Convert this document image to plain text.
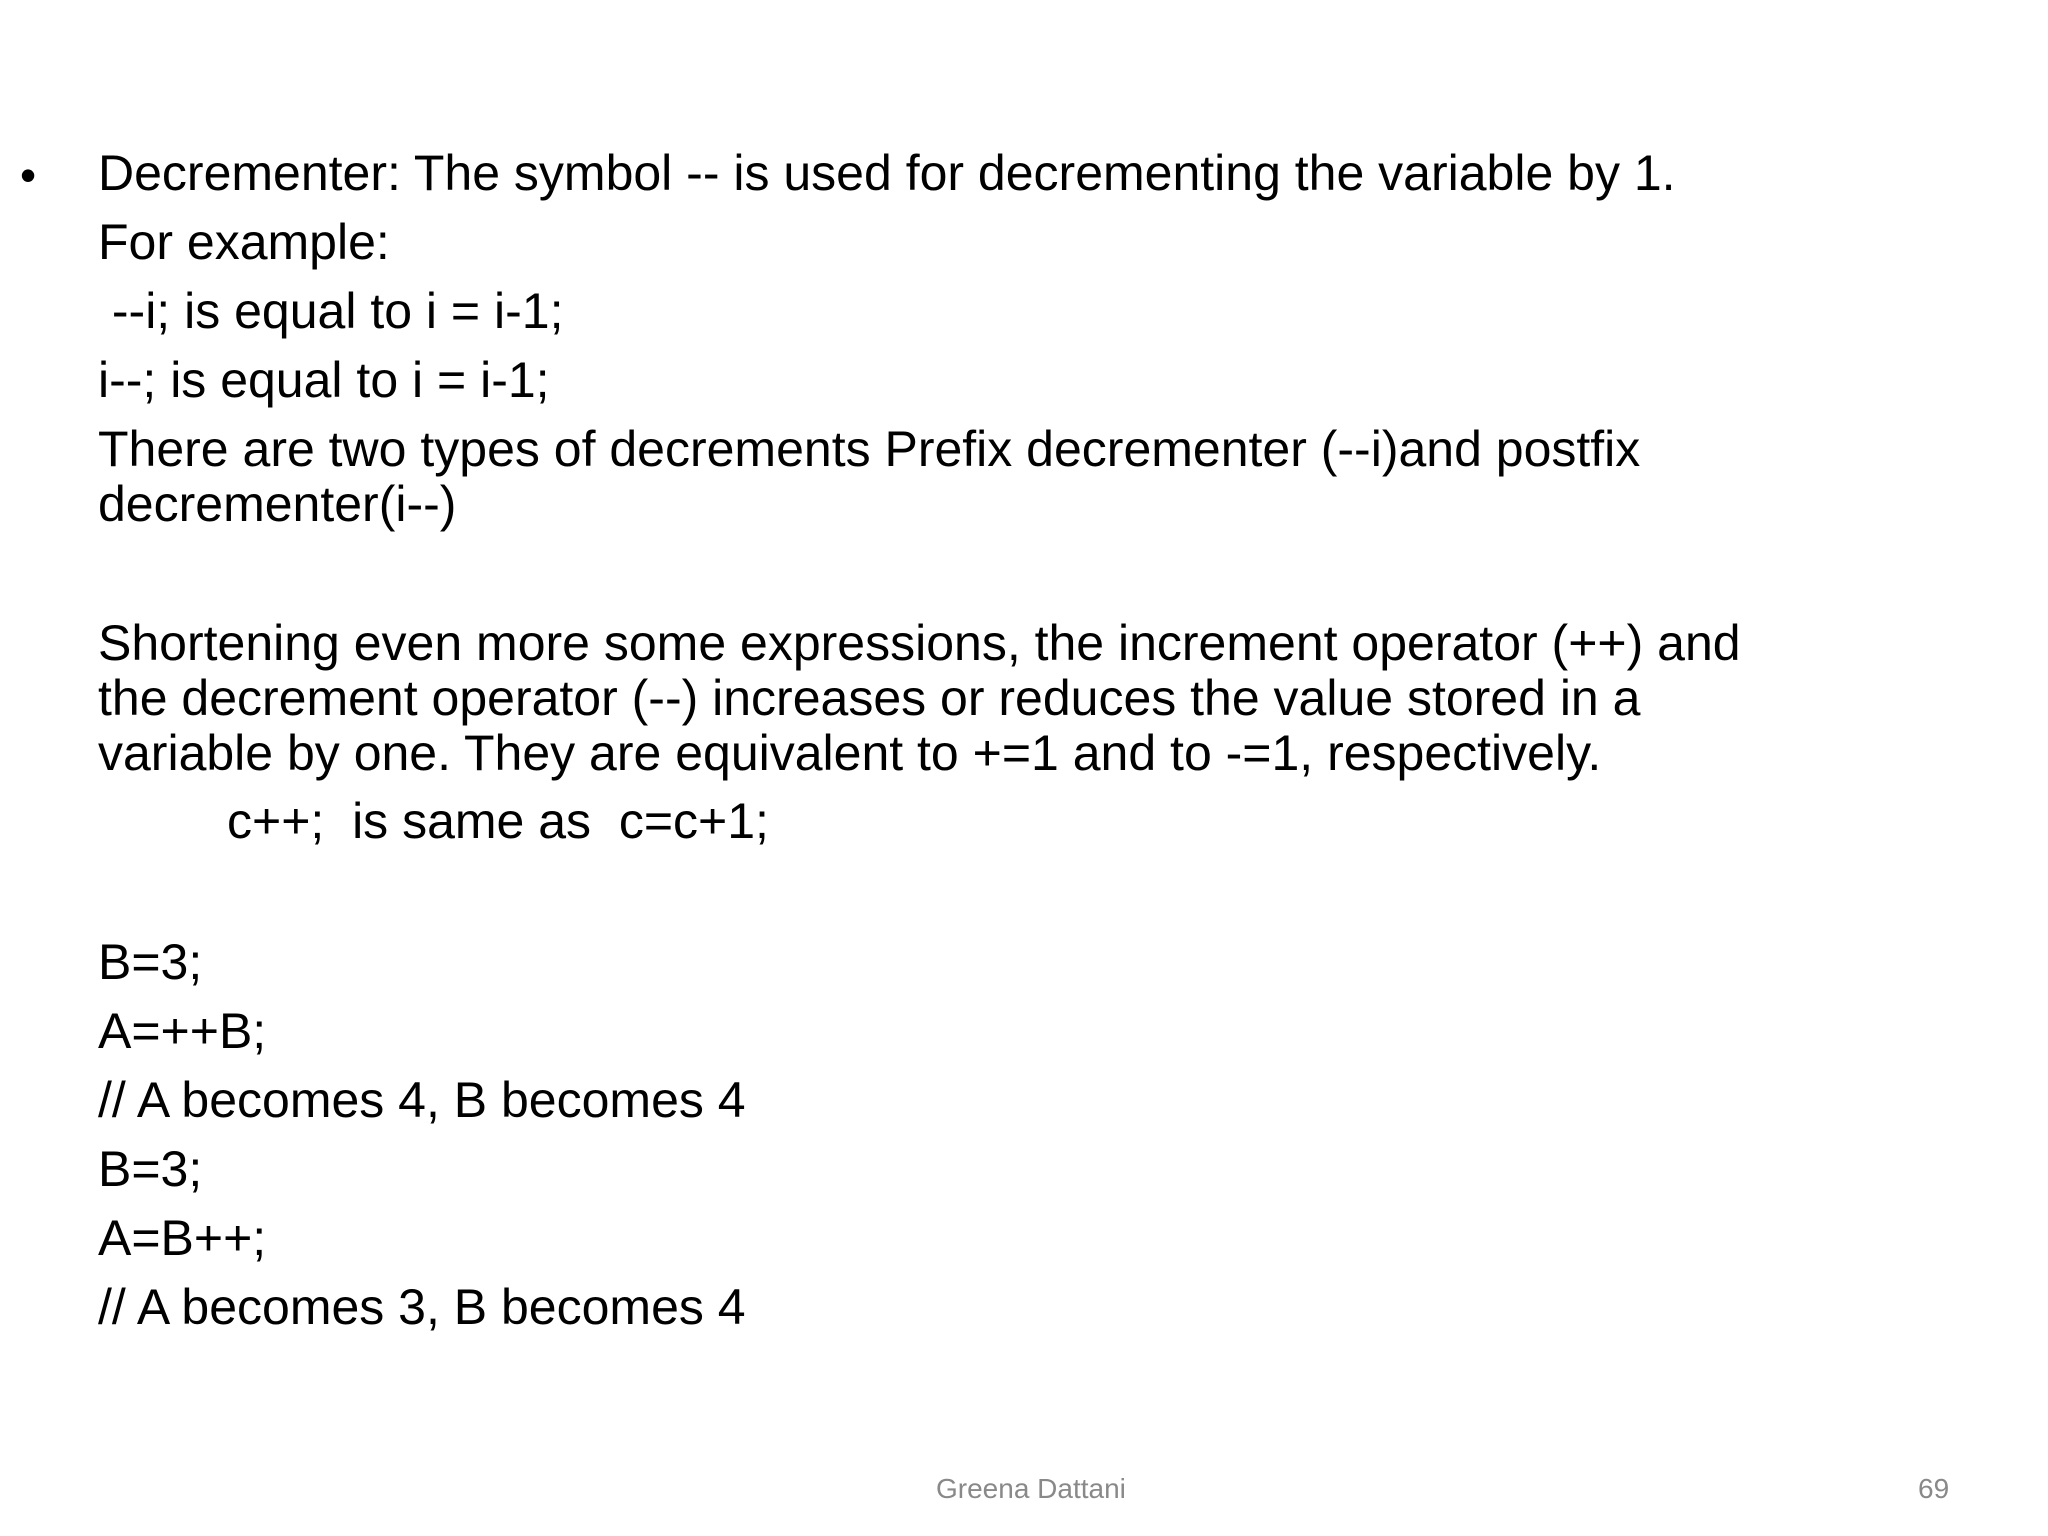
• Decrementer: The symbol -- is used for decrementing the variable by 1.
For example:
--i; is equal to i = i-1;
i--; is equal to i = i-1;
There are two types of decrements Prefix decrementer (--i)and postfix
decrementer(i--)
Shortening even more some expressions, the increment operator (++) and
the decrement operator (--) increases or reduces the value stored in a
variable by one. They are equivalent to +=1 and to -=1, respectively.
c++;  is same as  c=c+1;
B=3;
A=++B;
// A becomes 4, B becomes 4
B=3;
A=B++;
// A becomes 3, B becomes 4
Greena Dattani	69
